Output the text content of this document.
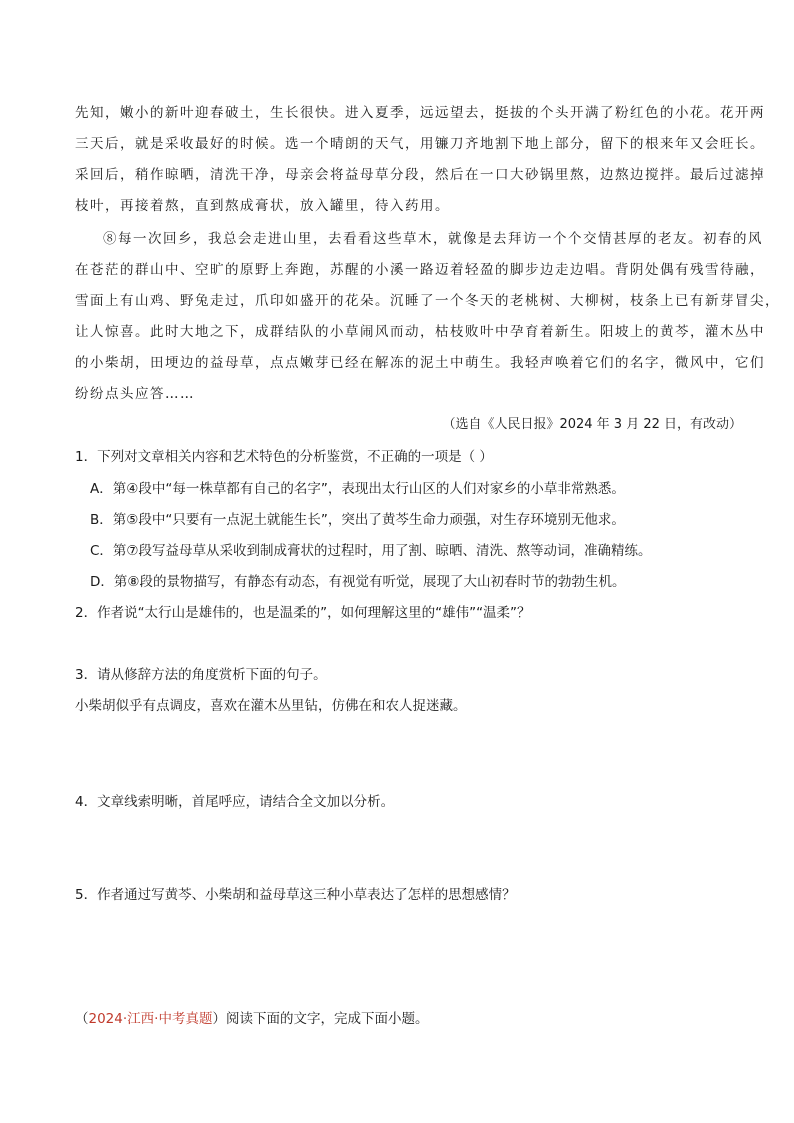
先知，嫩小的新叶迎春破土，生长很快。进入夏季，远远望去，挺拔的个头开满了粉红色的小花。花开两
三天后，就是采收最好的时候。选一个晴朗的天气，用镰刀齐地割下地上部分，留下的根来年又会旺长。
采回后，稍作晾晒，清洗干净，母亲会将益母草分段，然后在一口大砂锅里熬，边熬边搅拌。最后过滤掉
枝叶，再接着熬，直到熬成膏状，放入罐里，待入药用。
⑧每一次回乡，我总会走进山里，去看看这些草木，就像是去拜访一个个交情甚厚的老友。初春的风
在苍茫的群山中、空旷的原野上奔跑，苏醒的小溪一路迈着轻盈的脚步边走边唱。背阴处偶有残雪待融，
雪面上有山鸡、野兔走过，爪印如盛开的花朵。沉睡了一个冬天的老桃树、大柳树，枝条上已有新芽冒尖，
让人惊喜。此时大地之下，成群结队的小草闹风而动，枯枝败叶中孕育着新生。阳坡上的黄芩，灌木丛中
的小柴胡，田埂边的益母草，点点嫩芽已经在解冻的泥土中萌生。我轻声唤着它们的名字，微风中，它们
纷纷点头应答……
（选自《人民日报》2024 年 3 月 22 日，有改动）
1．下列对文章相关内容和艺术特色的分析鉴赏，不正确的一项是（ ）
A．第④段中“每一株草都有自己的名字”，表现出太行山区的人们对家乡的小草非常熟悉。
B．第⑤段中“只要有一点泥土就能生长”，突出了黄芩生命力顽强，对生存环境别无他求。
C．第⑦段写益母草从采收到制成膏状的过程时，用了割、晾晒、清洗、熬等动词，准确精练。
D．第⑧段的景物描写，有静态有动态，有视觉有听觉，展现了大山初春时节的勃勃生机。
2．作者说“太行山是雄伟的，也是温柔的”，如何理解这里的“雄伟”“温柔”？
3．请从修辞方法的角度赏析下面的句子。
小柴胡似乎有点调皮，喜欢在灌木丛里钻，仿佛在和农人捉迷藏。
4．文章线索明晰，首尾呼应，请结合全文加以分析。
5．作者通过写黄芩、小柴胡和益母草这三种小草表达了怎样的思想感情？
（2024·江西·中考真题）阅读下面的文字，完成下面小题。
